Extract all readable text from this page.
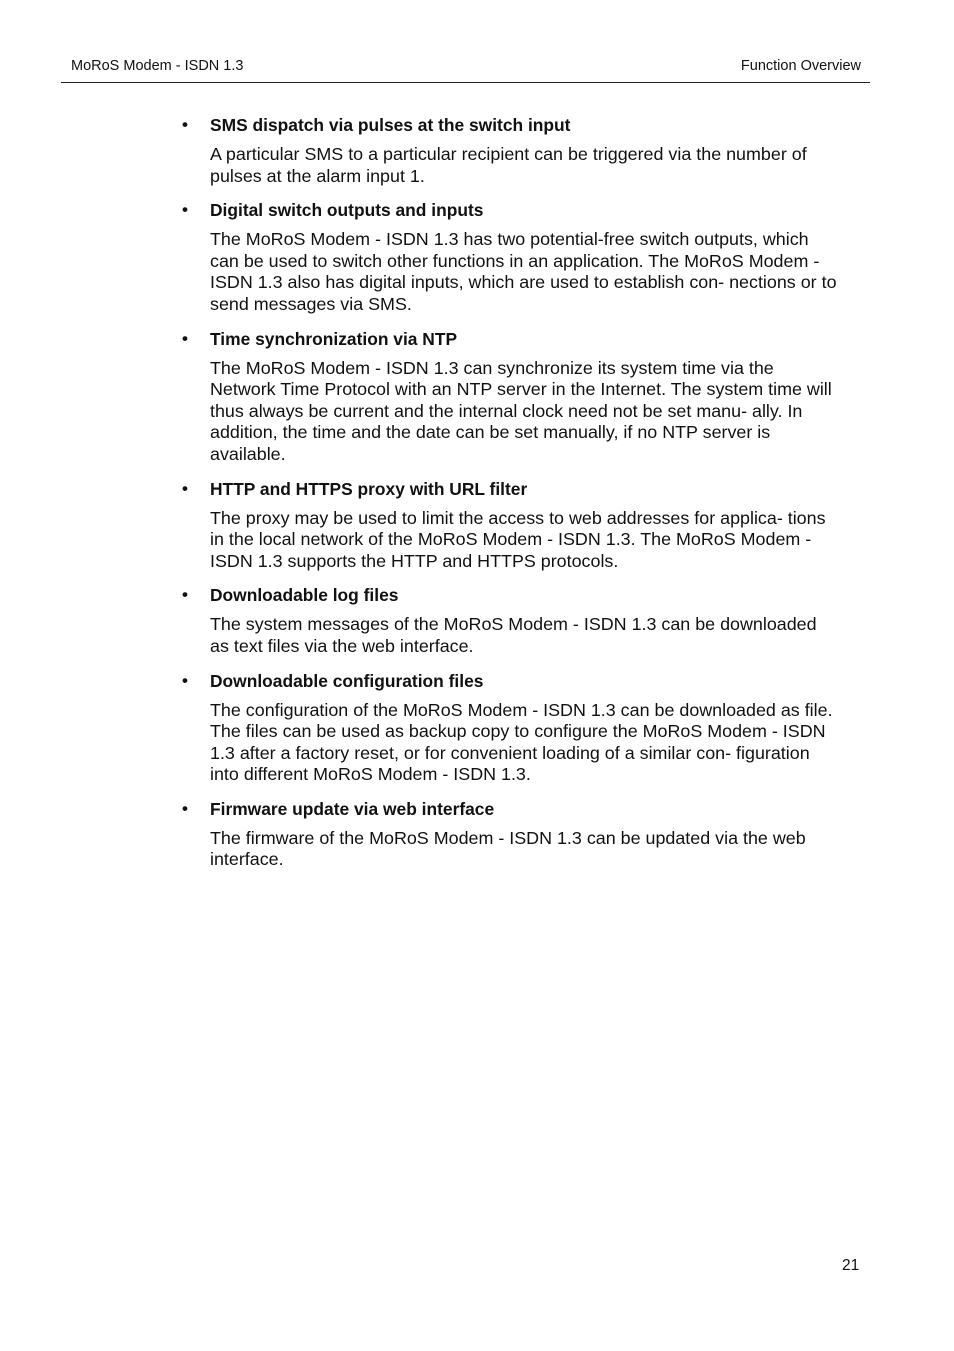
MoRoS Modem - ISDN 1.3	Function Overview
• SMS dispatch via pulses at the switch input

A particular SMS to a particular recipient can be triggered via the number of pulses at the alarm input 1.

• Digital switch outputs and inputs

The MoRoS Modem - ISDN 1.3 has two potential-free switch outputs, which can be used to switch other functions in an application. The MoRoS Modem - ISDN 1.3 also has digital inputs, which are used to establish con- nections or to send messages via SMS.

• Time synchronization via NTP

The MoRoS Modem - ISDN 1.3 can synchronize its system time via the Network Time Protocol with an NTP server in the Internet. The system time will thus always be current and the internal clock need not be set manu- ally. In addition, the time and the date can be set manually, if no NTP server is available.

• HTTP and HTTPS proxy with URL filter

The proxy may be used to limit the access to web addresses for applica- tions in the local network of the MoRoS Modem - ISDN 1.3. The MoRoS Modem - ISDN 1.3 supports the HTTP and HTTPS protocols.

• Downloadable log files

The system messages of the MoRoS Modem - ISDN 1.3 can be downloaded as text files via the web interface.

• Downloadable configuration files

The configuration of the MoRoS Modem - ISDN 1.3 can be downloaded as file. The files can be used as backup copy to configure the MoRoS Modem - ISDN 1.3 after a factory reset, or for convenient loading of a similar con- figuration into different MoRoS Modem - ISDN 1.3.

• Firmware update via web interface

The firmware of the MoRoS Modem - ISDN 1.3 can be updated via the web interface.

21
